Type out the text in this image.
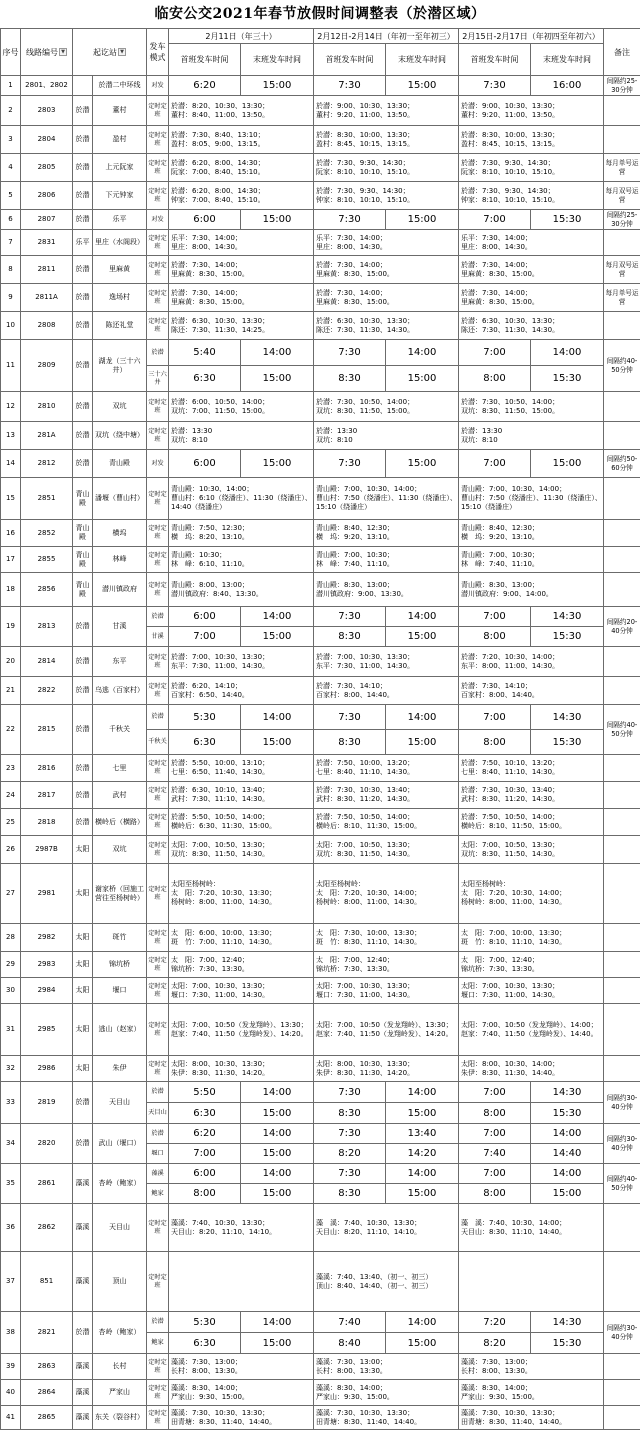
临安公交2021年春节放假时间调整表（於潜区域）
序号	线路编号 ▼	起讫站 ▼		发车模式	2月11日（年三十）		2月12日-2月14日（年初一至年初三）		2月15日-2月17日（年初四至年初六）		备注
					首班发车时间	末班发车时间	首班发车时间	末班发车时间	首班发车时间	末班发车时间	
1	2801、2802		於潜二中环线	对发	6:20	15:00	7:30	15:00	7:30	16:00	间隔约25-30分钟
2	2803	於潜	董村	定时定班	於潜：8:20、10:30、13:30；
董村：8:40、11:00、13:50。		於潜：9:00、10:30、13:30；
董村：9:20、11:00、13:50。		於潜：9:00、10:30、13:30；
董村：9:20、11:00、13:50。		
3	2804	於潜	盈村	定时定班	於潜：7:30、8:40、13:10；
盈村：8:05、9:00、13:15。		於潜：8:30、10:00、13:30；
盈村：8:45、10:15、13:15。		於潜：8:30、10:00、13:30；
盈村：8:45、10:15、13:15。		
4	2805	於潜	上元阮家	定时定班	於潜：6:20、8:00、14:30；
阮家：7:00、8:40、15:10。		於潜：7:30、9:30、14:30；
阮家：8:10、10:10、15:10。		於潜：7:30、9:30、14:30；
阮家：8:10、10:10、15:10。		每月单号运营
5	2806	於潜	下元钟家	定时定班	於潜：6:20、8:00、14:30；
钟家：7:00、8:40、15:10。		於潜：7:30、9:30、14:30；
钟家：8:10、10:10、15:10。		於潜：7:30、9:30、14:30；
钟家：8:10、10:10、15:10。		每月双号运营
6	2807	於潜	乐平	对发	6:00	15:00	7:30	15:00	7:00	15:30	间隔约25-30分钟
7	2831	乐平	里庄（水阁段）	定时定班	乐平：7:30、14:00；
里庄：8:00、14:30。		乐平：7:30、14:00；
里庄：8:00、14:30。		乐平：7:30、14:00；
里庄：8:00、14:30。		
8	2811	於潜	里麻黄	定时定班	於潜：7:30、14:00；
里麻黄：8:30、15:00。		於潜：7:30、14:00；
里麻黄：8:30、15:00。		於潜：7:30、14:00；
里麻黄：8:30、15:00。		每月双号运营
9	2811A	於潜	逸场村	定时定班	於潜：7:30、14:00；
里麻黄：8:30、15:00。		於潜：7:30、14:00；
里麻黄：8:30、15:00。		於潜：7:30、14:00；
里麻黄：8:30、15:00。		每月单号运营
10	2808	於潜	陈还礼堂	定时定班	於潜：6:30、10:30、13:30；
陈还：7:30、11:30、14:25。		於潜：6:30、10:30、13:30；
陈还：7:30、11:30、14:30。		於潜：6:30、10:30、13:30；
陈还：7:30、11:30、14:30。		
11	2809	於潜	湖龙（三十六井）	於潜	5:40	14:00	7:30	14:00	7:00	14:00	间隔约40-50分钟
				三十六井	6:30	15:00	8:30	15:00	8:00	15:30	
12	2810	於潜	双坑	定时定班	於潜：6:00、10:50、14:00；
双坑：7:00、11:50、15:00。		於潜：7:30、10:50、14:00；
双坑：8:30、11:50、15:00。		於潜：7:30、10:50、14:00；
双坑：8:30、11:50、15:00。		
13	281A	於潜	双坑（绕中塘）	定时定班	於潜：13:30
双坑：8:10		於潜：13:30
双坑：8:10		於潜：13:30
双坑：8:10		
14	2812	於潜	青山殿	对发	6:00	15:00	7:30	15:00	7:00	15:00	间隔约50-60分钟
15	2851	青山殿	潘堰（曹山村）	定时定班	青山殿：10:30、14:00；
曹山村：6:10（绕潘庄）、11:30（绕潘庄）、14:40（绕潘庄）		青山殿：7:00、10:30、14:00；
曹山村：7:50（绕潘庄）、11:30（绕潘庄）、15:10（绕潘庄）		青山殿：7:00、10:30、14:00；
曹山村：7:50（绕潘庄）、11:30（绕潘庄）、15:10（绕潘庄）		
16	2852	青山殿	横坞	定时定班	青山殿：7:50、12:30；
横　坞：8:20、13:10。		青山殿：8:40、12:30；
横　坞：9:20、13:10。		青山殿：8:40、12:30；
横　坞：9:20、13:10。		
17	2855	青山殿	林峰	定时定班	青山殿：10:30；
林　峰：6:10、11:10。		青山殿：7:00、10:30；
林　峰：7:40、11:10。		青山殿：7:00、10:30；
林　峰：7:40、11:10。		
18	2856	青山殿	潜川镇政府	定时定班	青山殿：8:00、13:00；
潜川镇政府：8:40、13:30。		青山殿：8:30、13:00；
潜川镇政府：9:00、13:30。		青山殿：8:30、13:00；
潜川镇政府：9:00、14:00。		
19	2813	於潜	甘溪	於潜	6:00	14:00	7:30	14:00	7:00	14:30	间隔约20-40分钟
				甘溪	7:00	15:00	8:30	15:00	8:00	15:30	
20	2814	於潜	东平	定时定班	於潜：7:00、10:30、13:30；
东平：7:30、11:00、14:30。		於潜：7:00、10:30、13:30；
东平：7:30、11:00、14:30。		於潜：7:20、10:30、14:00；
东平：8:00、11:00、14:30。		
21	2822	於潜	乌逃（百家村）	定时定班	於潜：6:20、14:10；
百家村：6:50、14:40。		於潜：7:30、14:10；
百家村：8:00、14:40。		於潜：7:30、14:10；
百家村：8:00、14:40。		
22	2815	於潜	千秋关	於潜	5:30	14:00	7:30	14:00	7:00	14:30	间隔约40-50分钟
				千秋关	6:30	15:00	8:30	15:00	8:00	15:30	
23	2816	於潜	七里	定时定班	於潜：5:50、10:00、13:10；
七里：6:50、11:40、14:30。		於潜：7:50、10:00、13:20；
七里：8:40、11:10、14:30。		於潜：7:50、10:10、13:20；
七里：8:40、11:10、14:30。		
24	2817	於潜	武村	定时定班	於潜：6:30、10:10、13:40；
武村：7:30、11:10、14:30。		於潜：7:30、10:30、13:40；
武村：8:30、11:20、14:30。		於潜：7:30、10:30、13:40；
武村：8:30、11:20、14:30。		
25	2818	於潜	横岭后（横路）	定时定班	於潜：5:50、10:50、14:00；
横岭后：6:30、11:30、15:00。		於潜：7:50、10:50、14:00；
横岭后：8:10、11:30、15:00。		於潜：7:50、10:50、14:00；
横岭后：8:10、11:50、15:00。		
26	2987B	太阳	双坑	定时定班	太阳：7:00、10:50、13:30；
双坑：8:30、11:50、14:30。		太阳：7:00、10:50、13:30；
双坑：8:30、11:50、14:30。		太阳：7:00、10:50、13:30；
双坑：8:30、11:50、14:30。		
27	2981	太阳	谢家桥（回施工营往至杨树岭）	定时定班	太阳至杨树岭：
太　阳：7:20、10:30、13:30；
杨树岭：8:00、11:00、14:30。		太阳至杨树岭：
太　阳：7:20、10:30、14:00；
杨树岭：8:00、11:00、14:30。		太阳至杨树岭：
太　阳：7:20、10:30、14:00；
杨树岭：8:00、11:00、14:30。		
28	2982	太阳	斑竹	定时定班	太　阳：6:00、10:00、13:30；
斑　竹：7:00、11:10、14:30。		太　阳：7:30、10:00、13:30；
斑　竹：8:30、11:10、14:30。		太　阳：7:00、10:00、13:30；
斑　竹：8:10、11:10、14:30。		
29	2983	太阳	锦坑桥	定时定班	太　阳：7:00、12:40；
锦坑桥：7:30、13:30。		太　阳：7:00、12:40；
锦坑桥：7:30、13:30。		太　阳：7:00、12:40；
锦坑桥：7:30、13:30。		
30	2984	太阳	堰口	定时定班	太阳：7:00、10:30、13:30；
堰口：7:30、11:00、14:30。		太阳：7:00、10:30、13:30；
堰口：7:30、11:00、14:30。		太阳：7:00、10:30、13:30；
堰口：7:30、11:00、14:30。		
31	2985	太阳	逃山（赵家）	定时定班	太阳：7:00、10:50（发龙翔岭）、13:30；
赵家：7:40、11:50（龙翔岭发）、14:20。		太阳：7:00、10:50（发龙翔岭）、13:30；
赵家：7:40、11:50（龙翔岭发）、14:20。		太阳：7:00、10:50（发龙翔岭）、14:00；
赵家：7:40、11:50（龙翔岭发）、14:40。		
32	2986	太阳	朱伊	定时定班	太阳：8:00、10:30、13:30；
朱伊：8:30、11:30、14:20。		太阳：8:00、10:30、13:30；
朱伊：8:30、11:30、14:20。		太阳：8:00、10:30、14:00；
朱伊：8:30、11:30、14:40。		
33	2819	於潜	天目山	於潜	5:50	14:00	7:30	14:00	7:00	14:30	间隔约30-40分钟
				天目山	6:30	15:00	8:30	15:00	8:00	15:30	
34	2820	於潜	武山（堰口）	於潜	6:20	14:00	7:30	13:40	7:00	14:00	间隔约30-40分钟
				堰口	7:00	15:00	8:20	14:20	7:40	14:40	
35	2861	藻溪	杏岭（鲍家）	藻溪	6:00	14:00	7:30	14:00	7:00	14:00	间隔约40-50分钟
				鲍家	8:00	15:00	8:30	15:00	8:00	15:00	
36	2862	藻溪	天目山	定时定班	藻溪：7:40、10:30、13:30；
天目山：8:20、11:10、14:10。		藻　溪：7:40、10:30、13:30；
天目山：8:20、11:10、14:10。		藻　溪：7:40、10:30、14:00；
天目山：8:30、11:10、14:40。		
37	851	藻溪	顶山	定时定班			藻溪：7:40、13:40、（初一、初三）
顶山：8:40、14:40、（初一、初三）				
38	2821	於潜	杏岭（鲍家）	於潜	5:30	14:00	7:40	14:00	7:20	14:30	间隔约30-40分钟
				鲍家	6:30	15:00	8:40	15:00	8:20	15:30	
39	2863	藻溪	长村	定时定班	藻溪：7:30、13:00；
长村：8:00、13:30。		藻溪：7:30、13:00；
长村：8:00、13:30。		藻溪：7:30、13:00；
长村：8:00、13:30。		
40	2864	藻溪	严家山	定时定班	藻溪：8:30、14:00；
严家山：9:30、15:00。		藻溪：8:30、14:00；
严家山：9:30、15:00。		藻溪：8:30、14:00；
严家山：9:30、15:00。		
41	2865	藻溪	东关（裂谷村）	定时定班	藻溪：7:30、10:30、13:30；
田青塘：8:30、11:40、14:40。		藻溪：7:30、10:30、13:30；
田青塘：8:30、11:40、14:40。		藻溪：7:30、10:30、13:30；
田青塘：8:30、11:40、14:40。		
